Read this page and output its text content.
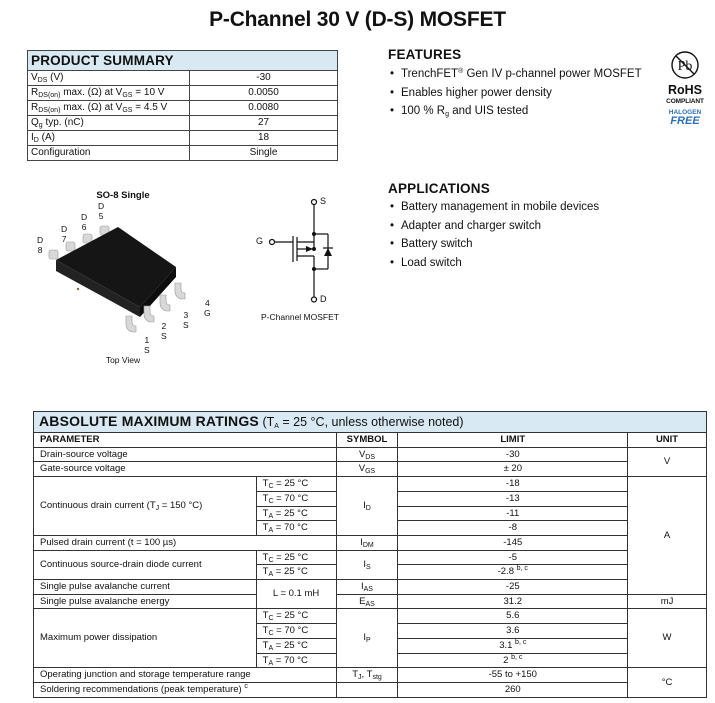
P-Channel 30 V (D-S) MOSFET
PRODUCT SUMMARY	
$V_{DS}$ (V)	-30
$R_{DS(on)}$ max. (Ω) at $V_{GS} = 10$ V	0.0050
$R_{DS(on)}$ max. (Ω) at $V_{GS} = 4.5$ V	0.0080
$Q_g$ typ. (nC)	27
$I_D$ (A)	18
Configuration	Single
FEATURES
• TrenchFET® Gen IV p-channel power MOSFET
• Enables higher power density
• 100 % $R_g$ and UIS tested
Pb
RoHS
COMPLIANT
HALOGEN
FREE
APPLICATIONS
• Battery management in mobile devices
• Adapter and charger switch
• Battery switch
• Load switch
SO-8 Single
D
5
D
6
D
7
D
8
4
G
3
S
2
S
1
S
Top View
S
G
D
P-Channel MOSFET
ABSOLUTE MAXIMUM RATINGS ($T_A = 25$ °C, unless otherwise noted)				
PARAMETER		SYMBOL	LIMIT	UNIT
Drain-source voltage		$V_{DS}$	-30	V
Gate-source voltage		$V_{GS}$	± 20	
Continuous drain current ($T_J = 150$ °C)	$T_C = 25$ °C	$I_D$	-18	A
	$T_C = 70$ °C		-13	
	$T_A = 25$ °C		-11	
	$T_A = 70$ °C		-8	
Pulsed drain current (t = 100 µs)		$I_{DM}$	-145	
Continuous source-drain diode current	$T_C = 25$ °C	$I_S$	-5	
	$T_A = 25$ °C		-2.8 $^{b, c}$
Single pulse avalanche current	L = 0.1 mH	$I_{AS}$	-25	
Single pulse avalanche energy		$E_{AS}$	31.2	mJ
Maximum power dissipation	$T_C = 25$ °C	$I_P$	5.6	W
	$T_C = 70$ °C		3.6	
	$T_A = 25$ °C		3.1 $^{b, c}$
	$T_A = 70$ °C		2 $^{b, c}$
Operating junction and storage temperature range		$T_J$, $T_{stg}$	-55 to +150	°C
Soldering recommendations (peak temperature) $^c$			260	
